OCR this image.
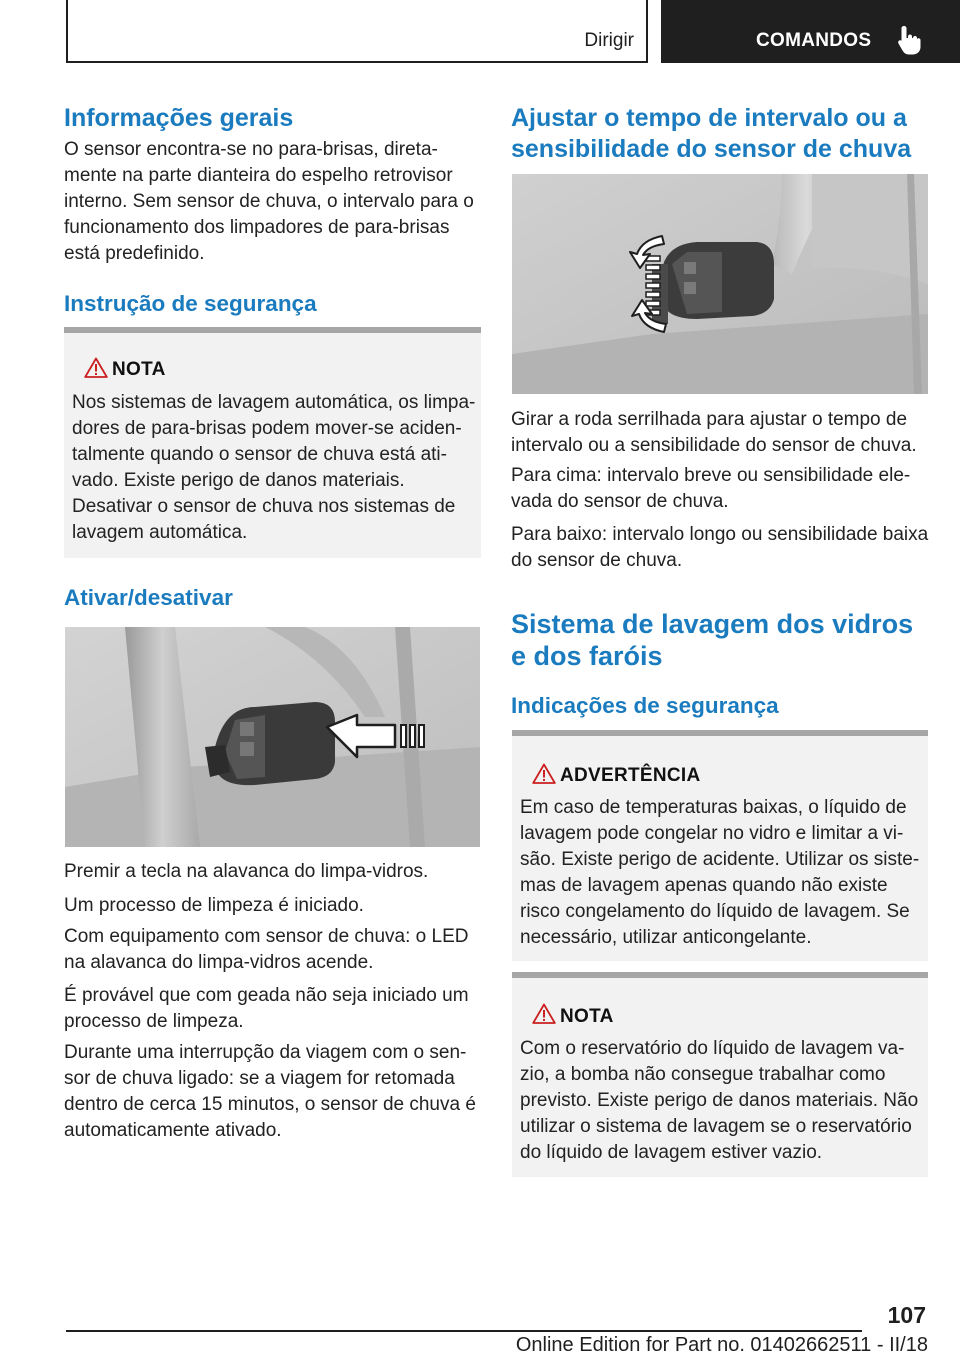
Dirigir	COMANDOS
Informações gerais

O sensor encontra-se no para-brisas, direta-mente na parte dianteira do espelho retrovisor interno. Sem sensor de chuva, o intervalo para o funcionamento dos limpadores de para-brisas está predefinido.

Instrução de segurança
NOTA

Nos sistemas de lavagem automática, os limpa-dores de para-brisas podem mover-se aciden-talmente quando o sensor de chuva está ati-vado. Existe perigo de danos materiais. Desativar o sensor de chuva nos sistemas de lavagem automática.

Ativar/desativar

Premir a tecla na alavanca do limpa-vidros.

Um processo de limpeza é iniciado.

Com equipamento com sensor de chuva: o LED na alavanca do limpa-vidros acende.

É provável que com geada não seja iniciado um processo de limpeza.

Durante uma interrupção da viagem com o sen-sor de chuva ligado: se a viagem for retomada dentro de cerca 15 minutos, o sensor de chuva é automaticamente ativado.

Ajustar o tempo de intervalo ou a sensibilidade do sensor de chuva

Girar a roda serrilhada para ajustar o tempo de intervalo ou a sensibilidade do sensor de chuva.

Para cima: intervalo breve ou sensibilidade ele-vada do sensor de chuva.

Para baixo: intervalo longo ou sensibilidade baixa do sensor de chuva.

Sistema de lavagem dos vidros e dos faróis
Indicações de segurança
ADVERTÊNCIA

Em caso de temperaturas baixas, o líquido de lavagem pode congelar no vidro e limitar a vi-são. Existe perigo de acidente. Utilizar os siste-mas de lavagem apenas quando não existe risco congelamento do líquido de lavagem. Se necessário, utilizar anticongelante.

NOTA

Com o reservatório do líquido de lavagem va-zio, a bomba não consegue trabalhar como previsto. Existe perigo de danos materiais. Não utilizar o sistema de lavagem se o reservatório do líquido de lavagem estiver vazio.

107
Online Edition for Part no. 01402662511 - II/18
